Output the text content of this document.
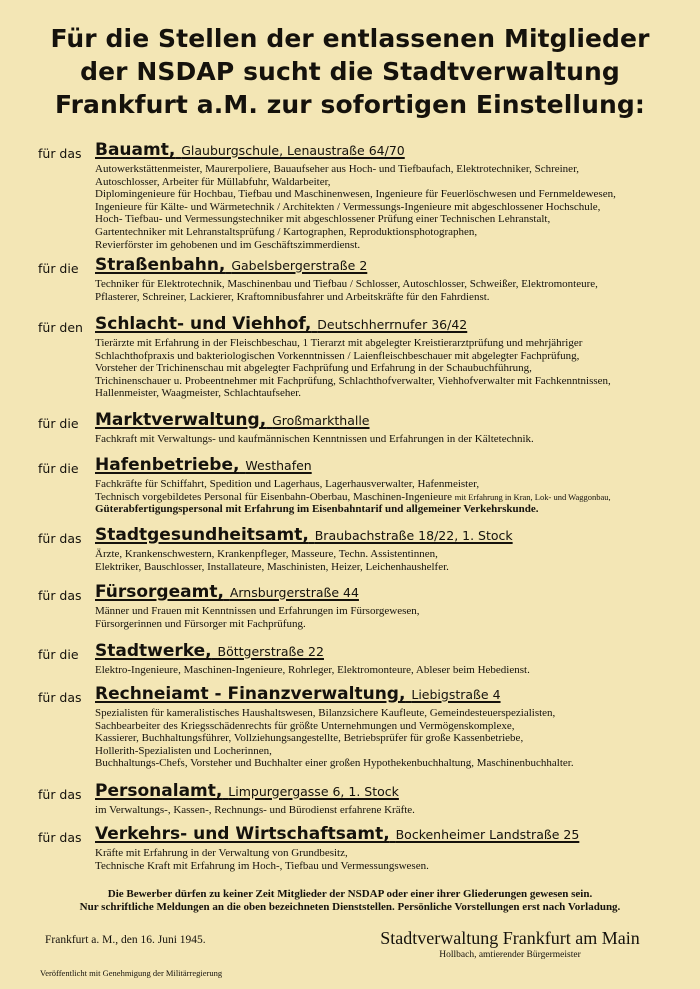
Für die Stellen der entlassenen Mitglieder
der NSDAP sucht die Stadtverwaltung
Frankfurt a.M. zur sofortigen Einstellung:
für das Bauamt, Glauburgschule, Lenaustraße 64/70
Autowerkstättenmeister, Maurerpoliere, Bauaufseher aus Hoch- und Tiefbaufach, Elektrotechniker, Schreiner,
Autoschlosser, Arbeiter für Müllabfuhr, Waldarbeiter,
Diplomingenieure für Hochbau, Tiefbau und Maschinenwesen, Ingenieure für Feuerlöschwesen und Fernmeldewesen,
Ingenieure für Kälte- und Wärmetechnik / Architekten / Vermessungs-Ingenieure mit abgeschlossener Hochschule,
Hoch- Tiefbau- und Vermessungstechniker mit abgeschlossener Prüfung einer Technischen Lehranstalt,
Gartentechniker mit Lehranstaltsprüfung / Kartographen, Reproduktionsphotographen,
Revierförster im gehobenen und im Geschäftszimmerdienst.
für die Straßenbahn, Gabelsbergerstraße 2
Techniker für Elektrotechnik, Maschinenbau und Tiefbau / Schlosser, Autoschlosser, Schweißer, Elektromonteure,
Pflasterer, Schreiner, Lackierer, Kraftomnibusfahrer und Arbeitskräfte für den Fahrdienst.
für den Schlacht- und Viehhof, Deutschherrnufer 36/42
Tierärzte mit Erfahrung in der Fleischbeschau, 1 Tierarzt mit abgelegter Kreistierarztprüfung und mehrjähriger
Schlachthofpraxis und bakteriologischen Vorkenntnissen / Laienfleischbeschauer mit abgelegter Fachprüfung,
Vorsteher der Trichinenschau mit abgelegter Fachprüfung und Erfahrung in der Schaubuchführung,
Trichinenschauer u. Probeentnehmer mit Fachprüfung, Schlachthofverwalter, Viehhofverwalter mit Fachkenntnissen,
Hallenmeister, Waagmeister, Schlachtaufseher.
für die Marktverwaltung, Großmarkthalle
Fachkraft mit Verwaltungs- und kaufmännischen Kenntnissen und Erfahrungen in der Kältetechnik.
für die Hafenbetriebe, Westhafen
Fachkräfte für Schiffahrt, Spedition und Lagerhaus, Lagerhausverwalter, Hafenmeister,
Technisch vorgebildetes Personal für Eisenbahn-Oberbau, Maschinen-Ingenieure mit Erfahrung in Kran, Lok- und Waggonbau,
Güterabfertigungspersonal mit Erfahrung im Eisenbahntarif und allgemeiner Verkehrskunde.
für das Stadtgesundheitsamt, Braubachstraße 18/22, 1. Stock
Ärzte, Krankenschwestern, Krankenpfleger, Masseure, Techn. Assistentinnen,
Elektriker, Bauschlosser, Installateure, Maschinisten, Heizer, Leichenhaushelfer.
für das Fürsorgeamt, Arnsburgerstraße 44
Männer und Frauen mit Kenntnissen und Erfahrungen im Fürsorgewesen,
Fürsorgerinnen und Fürsorger mit Fachprüfung.
für die Stadtwerke, Böttgerstraße 22
Elektro-Ingenieure, Maschinen-Ingenieure, Rohrleger, Elektromonteure, Ableser beim Hebedienst.
für das Rechneiamt - Finanzverwaltung, Liebigstraße 4
Spezialisten für kameralistisches Haushaltswesen, Bilanzsichere Kaufleute, Gemeindesteuerspezialisten,
Sachbearbeiter des Kriegsschädenrechts für größte Unternehmungen und Vermögenskomplexe,
Kassierer, Buchhaltungsführer, Vollziehungsangestellte, Betriebsprüfer für große Kassenbetriebe,
Hollerith-Spezialisten und Locherinnen,
Buchhaltungs-Chefs, Vorsteher und Buchhalter einer großen Hypothekenbuchhaltung, Maschinenbuchhalter.
für das Personalamt, Limpurgergasse 6, 1. Stock
im Verwaltungs-, Kassen-, Rechnungs- und Bürodienst erfahrene Kräfte.
für das Verkehrs- und Wirtschaftsamt, Bockenheimer Landstraße 25
Kräfte mit Erfahrung in der Verwaltung von Grundbesitz,
Technische Kraft mit Erfahrung im Hoch-, Tiefbau und Vermessungswesen.
Die Bewerber dürfen zu keiner Zeit Mitglieder der NSDAP oder einer ihrer Gliederungen gewesen sein.
Nur schriftliche Meldungen an die oben bezeichneten Dienststellen. Persönliche Vorstellungen erst nach Vorladung.
Frankfurt a. M., den 16. Juni 1945.	Stadtverwaltung Frankfurt am Main
Hollbach, amtierender Bürgermeister
Veröffentlicht mit Genehmigung der Militärregierung
